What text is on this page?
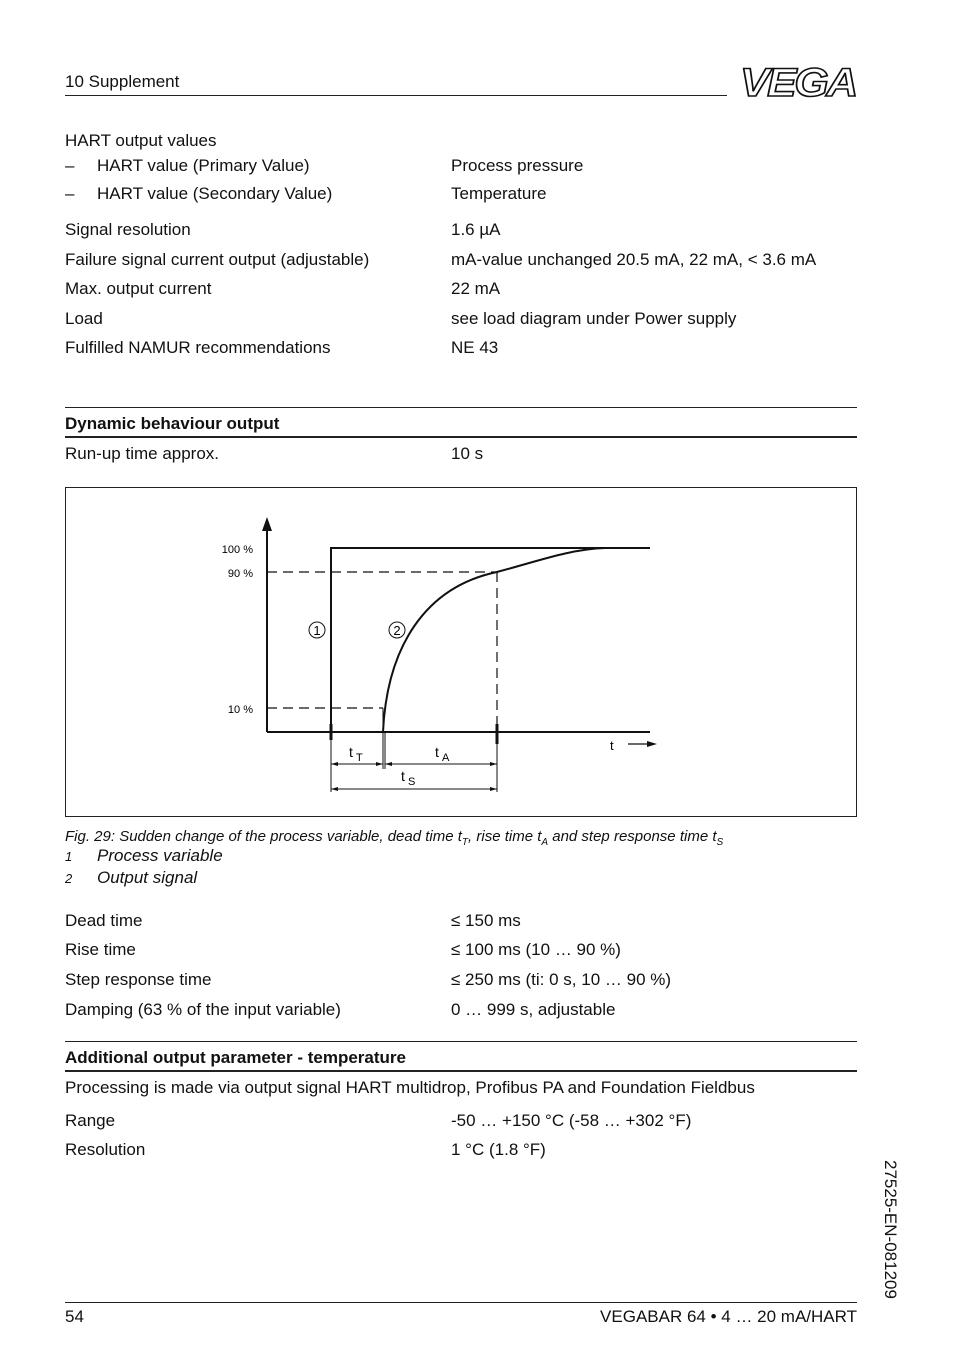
10 Supplement	VEGA
HART output values
– HART value (Primary Value)	Process pressure
– HART value (Secondary Value)	Temperature
Signal resolution	1.6 µA
Failure signal current output (adjustable)	mA-value unchanged 20.5 mA, 22 mA, < 3.6 mA
Max. output current	22 mA
Load	see load diagram under Power supply
Fulfilled NAMUR recommendations	NE 43
Dynamic behaviour output
Run-up time approx.	10 s
100 %
90 %
10 %
1	2
t
t T	t A
t S
Fig. 29: Sudden change of the process variable, dead time $t_T$, rise time $t_A$ and step response time $t_S$
1 Process variable
2 Output signal
Dead time	≤ 150 ms
Rise time	≤ 100 ms (10 … 90 %)
Step response time	≤ 250 ms (ti: 0 s, 10 … 90 %)
Damping (63 % of the input variable)	0 … 999 s, adjustable
Additional output parameter - temperature
Processing is made via output signal HART multidrop, Profibus PA and Foundation Fieldbus
Range	-50 … +150 °C (-58 … +302 °F)
Resolution	1 °C (1.8 °F)
27525-EN-081209
54	VEGABAR 64 • 4 … 20 mA/HART
